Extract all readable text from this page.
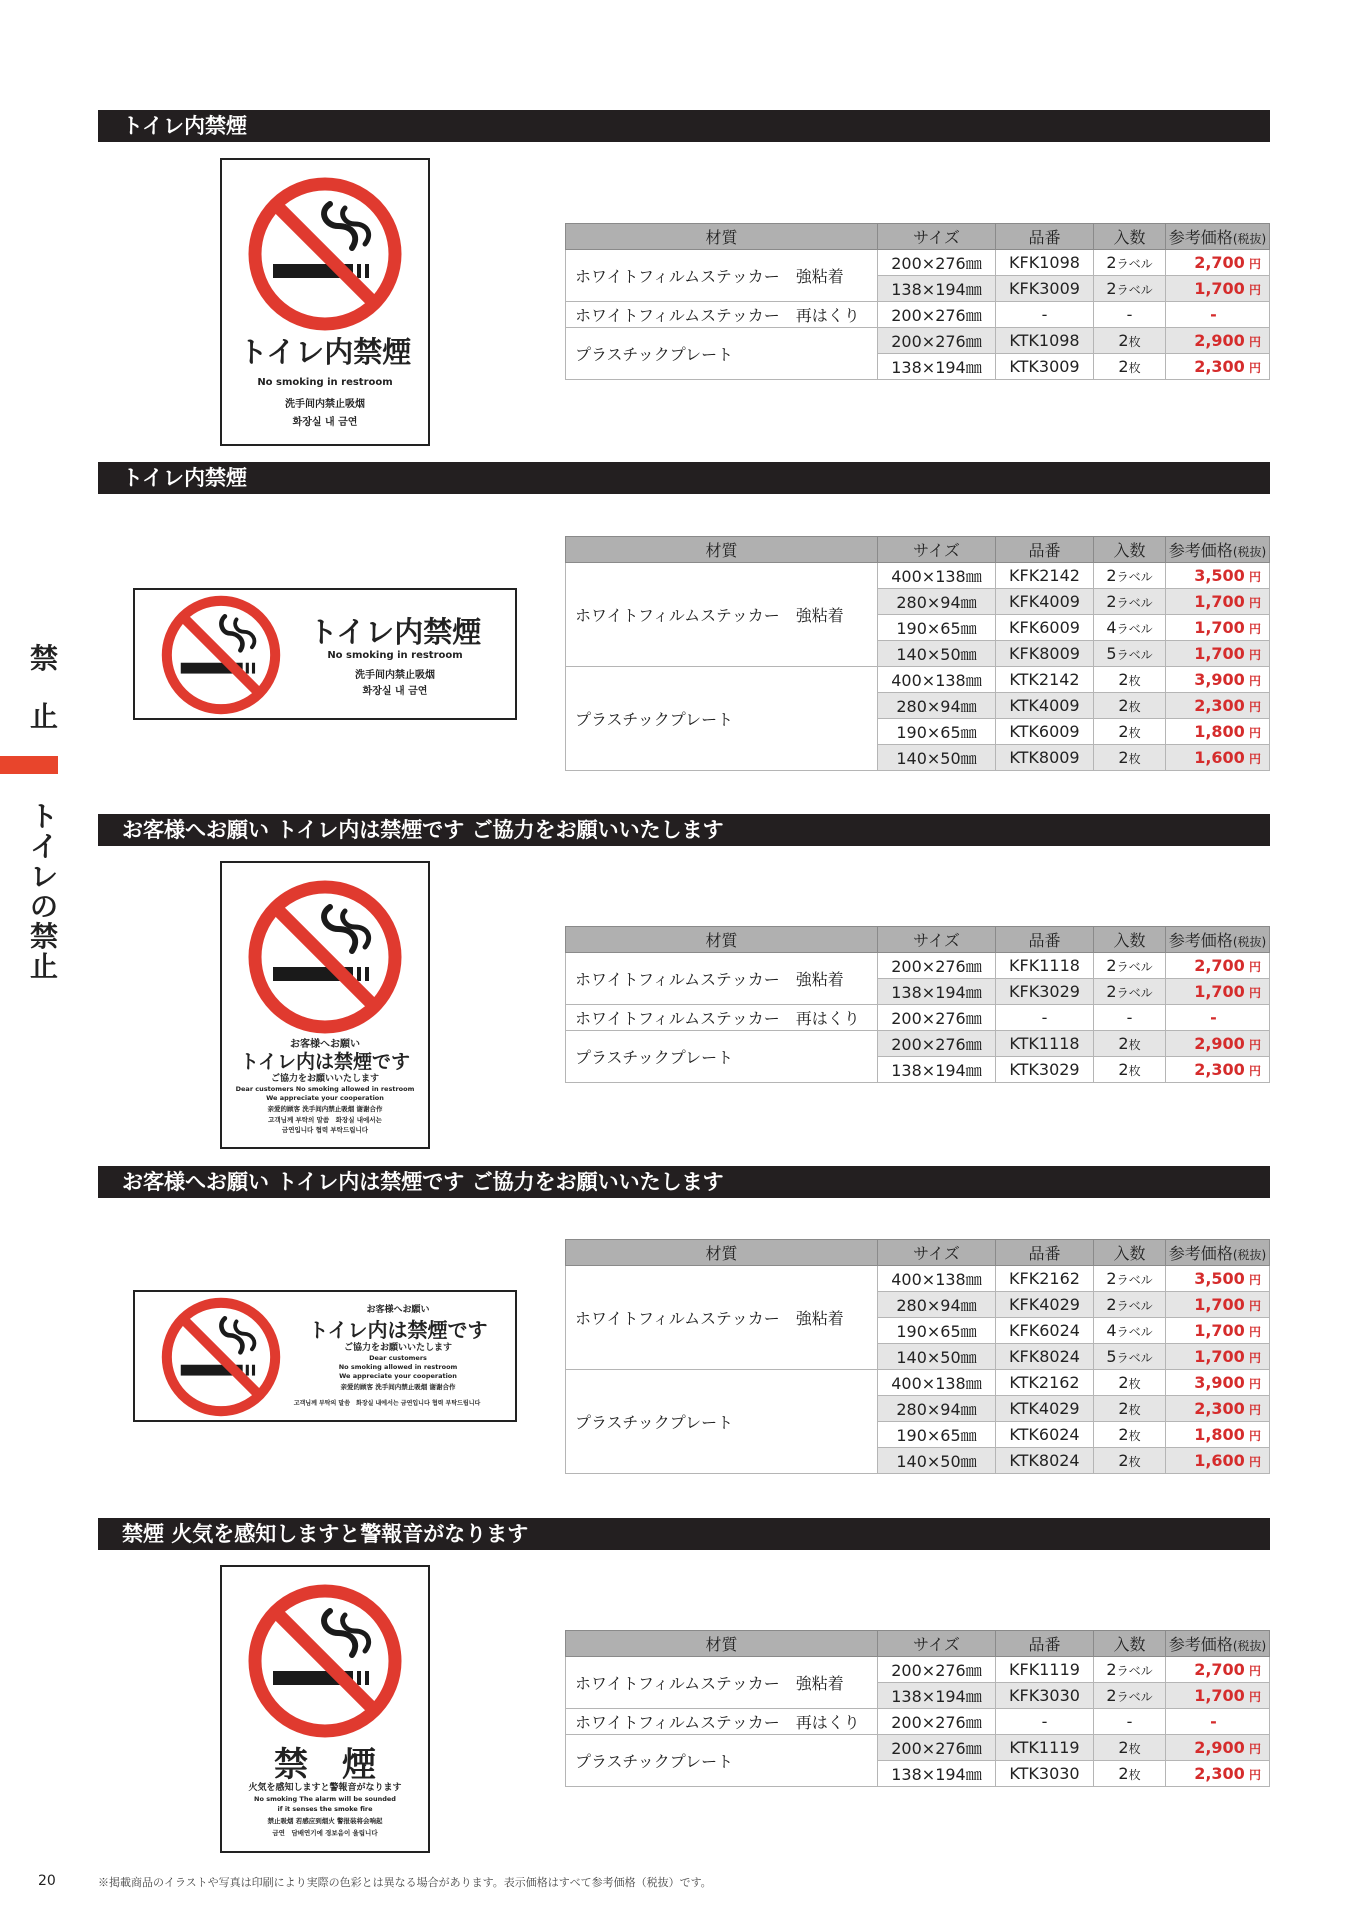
禁
止
ト
イ
レ
の
禁
止
トイレ内禁煙
トイレ内禁煙
No smoking in restroom
洗手间内禁止吸烟
화장실 내 금연
材質	サイズ	品番	入数	参考価格(税抜)
ホワイトフィルムステッカー　強粘着	200×276㎜	KFK1098	2ラベル	2,700 円
	138×194㎜	KFK3009	2ラベル	1,700 円
ホワイトフィルムステッカー　再はくり	200×276㎜	-	-	-
プラスチックプレート	200×276㎜	KTK1098	2枚	2,900 円
	138×194㎜	KTK3009	2枚	2,300 円
トイレ内禁煙
トイレ内禁煙
No smoking in restroom
洗手间内禁止吸烟
화장실 내 금연
材質	サイズ	品番	入数	参考価格(税抜)
ホワイトフィルムステッカー　強粘着	400×138㎜	KFK2142	2ラベル	3,500 円
	280×94㎜	KFK4009	2ラベル	1,700 円
	190×65㎜	KFK6009	4ラベル	1,700 円
	140×50㎜	KFK8009	5ラベル	1,700 円
プラスチックプレート	400×138㎜	KTK2142	2枚	3,900 円
	280×94㎜	KTK4009	2枚	2,300 円
	190×65㎜	KTK6009	2枚	1,800 円
	140×50㎜	KTK8009	2枚	1,600 円
お客様へお願い トイレ内は禁煙です ご協力をお願いいたします
お客様へお願い
トイレ内は禁煙です
ご協力をお願いいたします
Dear customers No smoking allowed in restroom
We appreciate your cooperation
亲爱的顾客 洗手间内禁止吸烟 谢谢合作
고객님께 부탁의 말씀　화장실 내에서는
금연입니다 협력 부탁드립니다
材質	サイズ	品番	入数	参考価格(税抜)
ホワイトフィルムステッカー　強粘着	200×276㎜	KFK1118	2ラベル	2,700 円
	138×194㎜	KFK3029	2ラベル	1,700 円
ホワイトフィルムステッカー　再はくり	200×276㎜	-	-	-
プラスチックプレート	200×276㎜	KTK1118	2枚	2,900 円
	138×194㎜	KTK3029	2枚	2,300 円
お客様へお願い トイレ内は禁煙です ご協力をお願いいたします
お客様へお願い
トイレ内は禁煙です
ご協力をお願いいたします
Dear customers
No smoking allowed in restroom
We appreciate your cooperation
亲爱的顾客 洗手间内禁止吸烟 谢谢合作
고객님께 부탁의 말씀　화장실 내에서는 금연입니다 협력 부탁드립니다
材質	サイズ	品番	入数	参考価格(税抜)
ホワイトフィルムステッカー　強粘着	400×138㎜	KFK2162	2ラベル	3,500 円
	280×94㎜	KFK4029	2ラベル	1,700 円
	190×65㎜	KFK6024	4ラベル	1,700 円
	140×50㎜	KFK8024	5ラベル	1,700 円
プラスチックプレート	400×138㎜	KTK2162	2枚	3,900 円
	280×94㎜	KTK4029	2枚	2,300 円
	190×65㎜	KTK6024	2枚	1,800 円
	140×50㎜	KTK8024	2枚	1,600 円
禁煙 火気を感知しますと警報音がなります
禁　煙
火気を感知しますと警報音がなります
No smoking The alarm will be sounded
if it senses the smoke fire
禁止吸烟 若感应到烟火 警报装将会响起
금연　담배연기에 경보음이 울립니다
材質	サイズ	品番	入数	参考価格(税抜)
ホワイトフィルムステッカー　強粘着	200×276㎜	KFK1119	2ラベル	2,700 円
	138×194㎜	KFK3030	2ラベル	1,700 円
ホワイトフィルムステッカー　再はくり	200×276㎜	-	-	-
プラスチックプレート	200×276㎜	KTK1119	2枚	2,900 円
	138×194㎜	KTK3030	2枚	2,300 円
20	※掲載商品のイラストや写真は印刷により実際の色彩とは異なる場合があります。表示価格はすべて参考価格（税抜）です。
